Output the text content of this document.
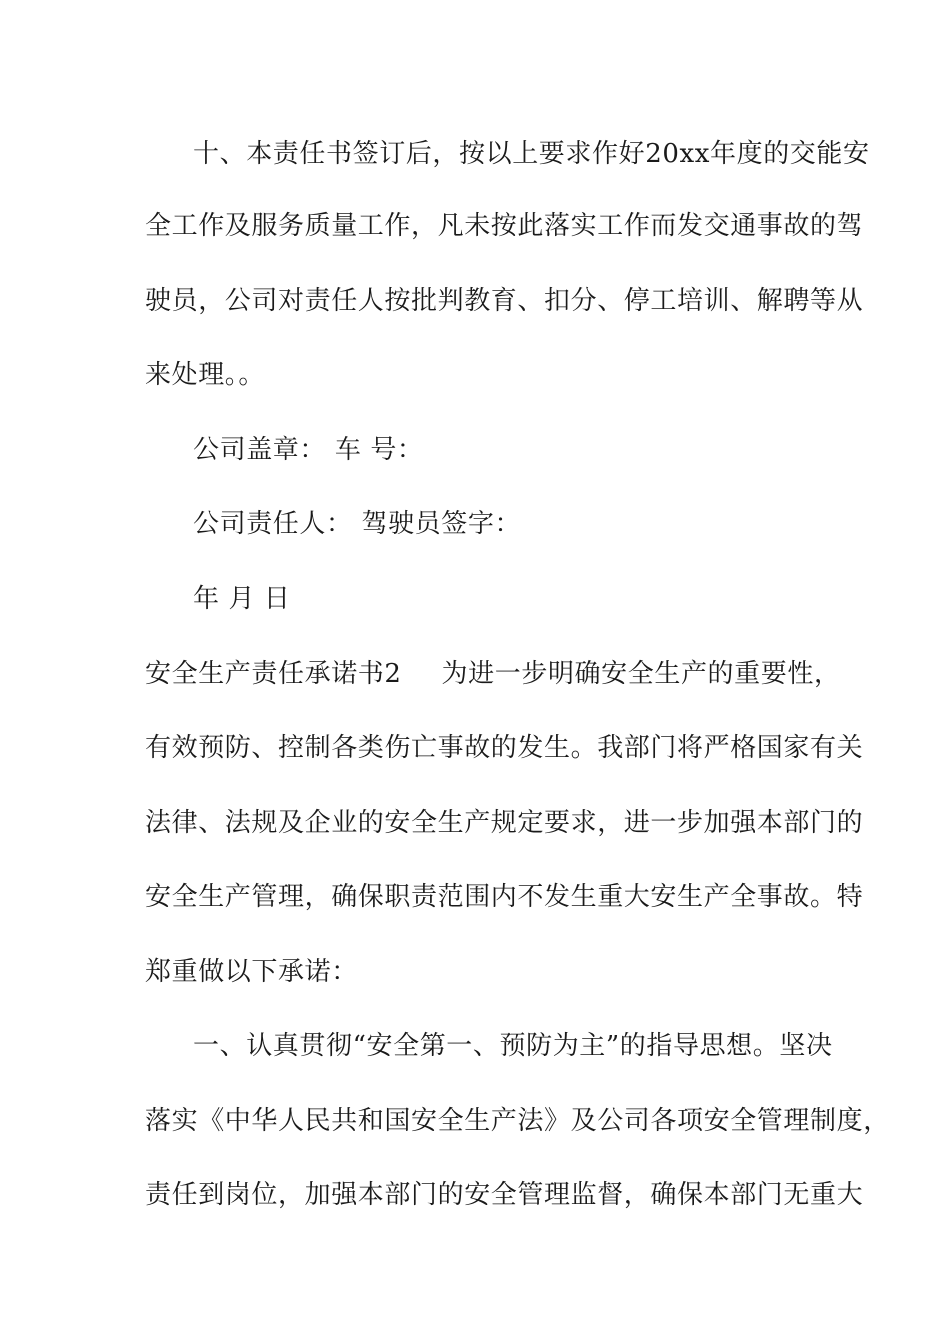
十、本责任书签订后，按以上要求作好20xx年度的交能安
全工作及服务质量工作，凡未按此落实工作而发交通事故的驾
驶员，公司对责任人按批判教育、扣分、停工培训、解聘等从
来处理。。
公司盖章： 车 号：
公司责任人： 驾驶员签字：
年 月 日
安全生产责任承诺书2 为进一步明确安全生产的重要性，
有效预防、控制各类伤亡事故的发生。我部门将严格国家有关
法律、法规及企业的安全生产规定要求，进一步加强本部门的
安全生产管理，确保职责范围内不发生重大安生产全事故。特
郑重做以下承诺：
一、认真贯彻“安全第一、预防为主”的指导思想。坚决
落实《中华人民共和国安全生产法》及公司各项安全管理制度，
责任到岗位，加强本部门的安全管理监督，确保本部门无重大
